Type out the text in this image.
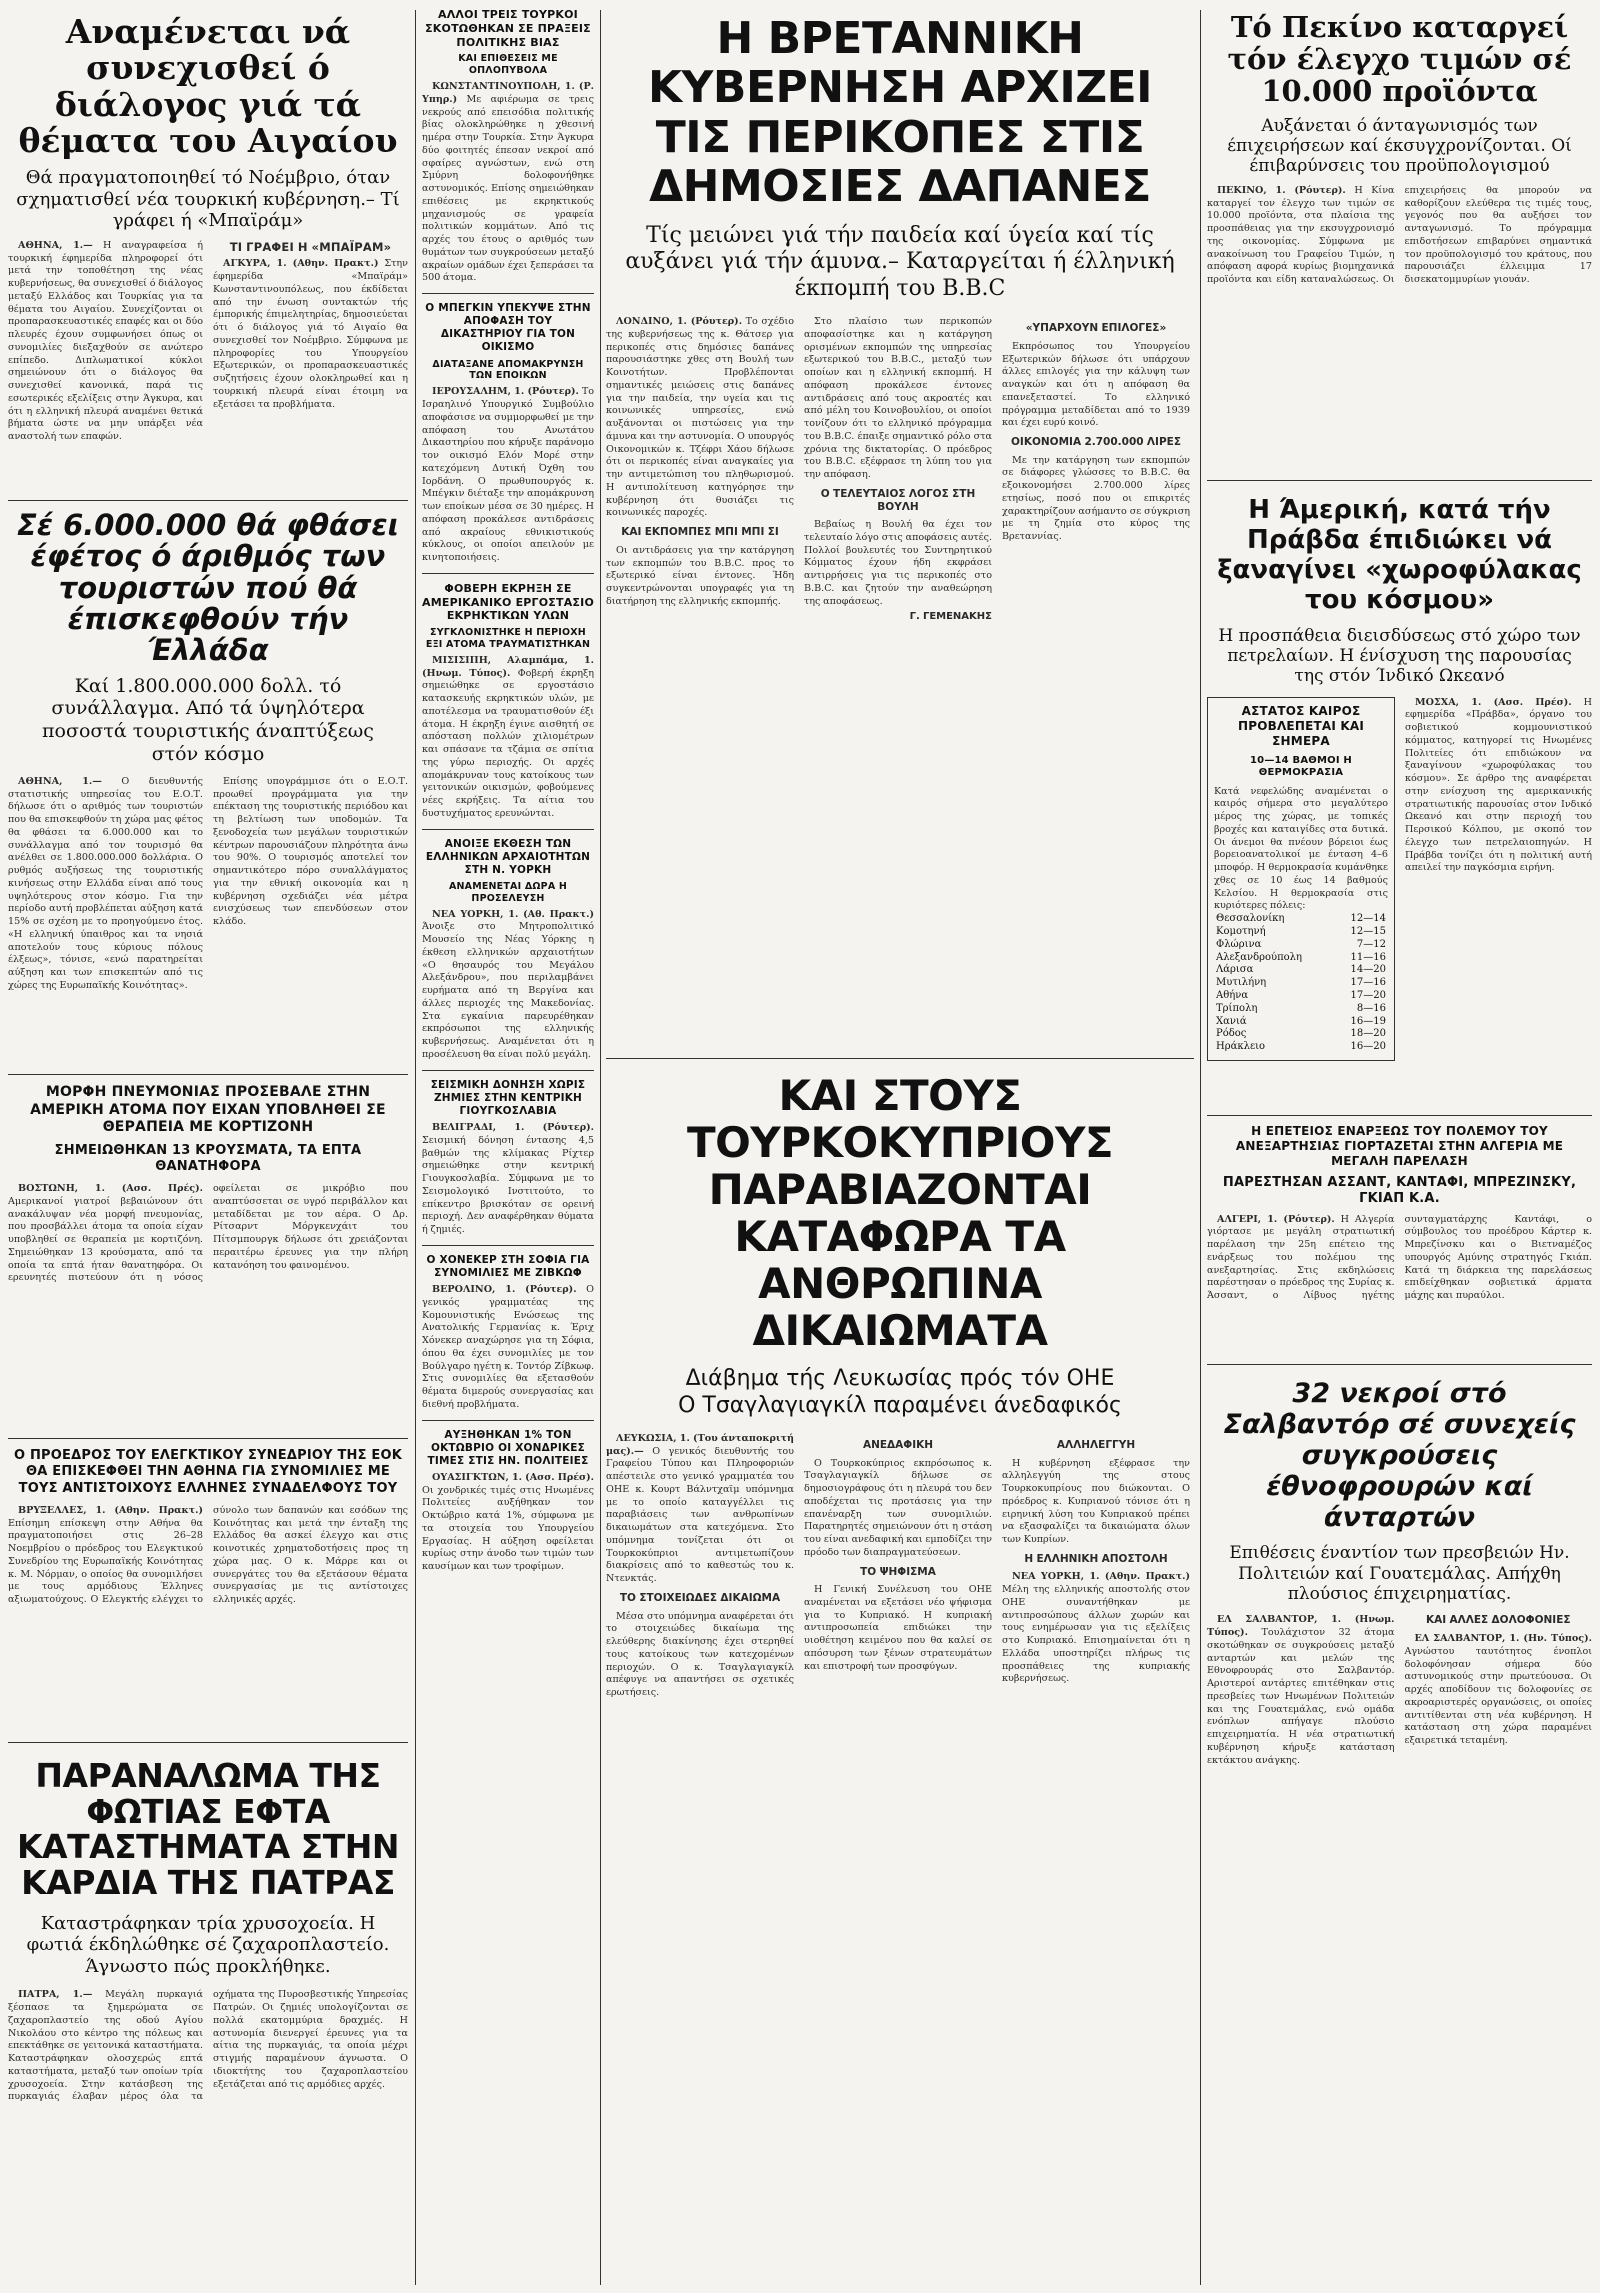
Αναμένεται νά συνεχισθεί ό διάλογος γιά τά θέματα του Αιγαίου
Θά πραγματοποιηθεί τό Νοέμβριο, όταν σχηματισθεί νέα τουρκική κυβέρνηση.– Τί γράφει ή «Μπαϊράμ»

ΑΘΗΝΑ, 1.— Η αναγραφείσα ή τουρκική έφημερίδα πληροφορεί ότι μετά την τοποθέτηση της νέας κυβερνήσεως, θα συνεχισθεί ό διάλογος μεταξύ Ελλάδος και Τουρκίας για τα θέματα του Αιγαίου. Συνεχίζονται οι προπαρασκευαστικές επαφές και οι δύο πλευρές έχουν συμφωνήσει όπως οι συνομιλίες διεξαχθούν σε ανώτερο επίπεδο. Διπλωματικοί κύκλοι σημειώνουν ότι ο διάλογος θα συνεχισθεί κανονικά, παρά τις εσωτερικές εξελίξεις στην Άγκυρα, και ότι η ελληνική πλευρά αναμένει θετικά βήματα ώστε να μην υπάρξει νέα αναστολή των επαφών.

ΤΙ ΓΡΑΦΕΙ Η «ΜΠΑΪΡΑΜ»

ΑΓΚΥΡΑ, 1. (Αθην. Πρακτ.) Στην έφημερίδα «Μπαϊράμ» Κωνσταντινουπόλεως, που έκδίδεται από την ένωση συντακτών τής έμπορικής έπιμελητηρίας, δημοσιεύεται ότι ό διάλογος γιά τό Αιγαίο θα συνεχισθεί τον Νοέμβριο. Σύμφωνα με πληροφορίες του Υπουργείου Εξωτερικών, οι προπαρασκευαστικές συζητήσεις έχουν ολοκληρωθεί και η τουρκική πλευρά είναι έτοιμη να εξετάσει τα προβλήματα.

Σέ 6.000.000 θά φθάσει έφέτος ό άριθμός των τουριστών πού θά έπισκεφθούν τήν Έλλάδα
Καί 1.800.000.000 δολλ. τό συνάλλαγμα. Από τά ύψηλότερα ποσοστά τουριστικής άναπτύξεως στόν κόσμο

ΑΘΗΝΑ, 1.— Ο διευθυντής στατιστικής υπηρεσίας του Ε.Ο.Τ. δήλωσε ότι ο αριθμός των τουριστών που θα επισκεφθούν τη χώρα μας φέτος θα φθάσει τα 6.000.000 και το συνάλλαγμα από τον τουρισμό θα ανέλθει σε 1.800.000.000 δολλάρια. Ο ρυθμός αυξήσεως της τουριστικής κινήσεως στην Ελλάδα είναι από τους υψηλότερους στον κόσμο. Για την περίοδο αυτή προβλέπεται αύξηση κατά 15% σε σχέση με το προηγούμενο έτος. «Η ελληνική ύπαιθρος και τα νησιά αποτελούν τους κύριους πόλους έλξεως», τόνισε, «ενώ παρατηρείται αύξηση και των επισκεπτών από τις χώρες της Ευρωπαϊκής Κοινότητας».

Επίσης υπογράμμισε ότι ο Ε.Ο.Τ. προωθεί προγράμματα για την επέκταση της τουριστικής περιόδου και τη βελτίωση των υποδομών. Τα ξενοδοχεία των μεγάλων τουριστικών κέντρων παρουσιάζουν πληρότητα άνω του 90%. Ο τουρισμός αποτελεί τον σημαντικότερο πόρο συναλλάγματος για την εθνική οικονομία και η κυβέρνηση σχεδιάζει νέα μέτρα ενισχύσεως των επενδύσεων στον κλάδο.

ΜΟΡΦΗ ΠΝΕΥΜΟΝΙΑΣ ΠΡΟΣΕΒΑΛΕ ΣΤΗΝ ΑΜΕΡΙΚΗ ΑΤΟΜΑ ΠΟΥ ΕΙΧΑΝ ΥΠΟΒΛΗΘΕΙ ΣΕ ΘΕΡΑΠΕΙΑ ΜΕ ΚΟΡΤΙΖΟΝΗ
ΣΗΜΕΙΩΘΗΚΑΝ 13 ΚΡΟΥΣΜΑΤΑ, ΤΑ ΕΠΤΑ ΘΑΝΑΤΗΦΟΡΑ

ΒΟΣΤΩΝΗ, 1. (Ασσ. Πρές). Αμερικανοί γιατροί βεβαιώνουν ότι ανακάλυψαν νέα μορφή πνευμονίας, που προσβάλλει άτομα τα οποία είχαν υποβληθεί σε θεραπεία με κορτιζόνη. Σημειώθηκαν 13 κρούσματα, από τα οποία τα επτά ήταν θανατηφόρα. Οι ερευνητές πιστεύουν ότι η νόσος οφείλεται σε μικρόβιο που αναπτύσσεται σε υγρό περιβάλλον και μεταδίδεται με τον αέρα. Ο Δρ. Ρίτσαρντ Μόργκενχάιτ του Πίτσμπουργκ δήλωσε ότι χρειάζονται περαιτέρω έρευνες για την πλήρη κατανόηση του φαινομένου.

Ο ΠΡΟΕΔΡΟΣ ΤΟΥ ΕΛΕΓΚΤΙΚΟΥ ΣΥΝΕΔΡΙΟΥ ΤΗΣ ΕΟΚ ΘΑ ΕΠΙΣΚΕΦΘΕΙ ΤΗΝ ΑΘΗΝΑ ΓΙΑ ΣΥΝΟΜΙΛΙΕΣ ΜΕ ΤΟΥΣ ΑΝΤΙΣΤΟΙΧΟΥΣ ΕΛΛΗΝΕΣ ΣΥΝΑΔΕΛΦΟΥΣ ΤΟΥ

ΒΡΥΞΕΛΛΕΣ, 1. (Αθην. Πρακτ.) Επίσημη επίσκεψη στην Αθήνα θα πραγματοποιήσει στις 26–28 Νοεμβρίου ο πρόεδρος του Ελεγκτικού Συνεδρίου της Ευρωπαϊκής Κοινότητας κ. Μ. Νόρμαν, ο οποίος θα συνομιλήσει με τους αρμόδιους Έλληνες αξιωματούχους. Ο Ελεγκτής ελέγχει το σύνολο των δαπανών και εσόδων της Κοινότητας και μετά την ένταξη της Ελλάδος θα ασκεί έλεγχο και στις κοινοτικές χρηματοδοτήσεις προς τη χώρα μας. Ο κ. Μάρρε και οι συνεργάτες του θα εξετάσουν θέματα συνεργασίας με τις αντίστοιχες ελληνικές αρχές.

ΠΑΡΑΝΑΛΩΜΑ ΤΗΣ ΦΩΤΙΑΣ ΕΦΤΑ ΚΑΤΑΣΤΗΜΑΤΑ ΣΤΗΝ ΚΑΡΔΙΑ ΤΗΣ ΠΑΤΡΑΣ
Καταστράφηκαν τρία χρυσοχοεία. Η φωτιά έκδηλώθηκε σέ ζαχαροπλαστείο. Άγνωστο πώς προκλήθηκε.

ΠΑΤΡΑ, 1.— Μεγάλη πυρκαγιά ξέσπασε τα ξημερώματα σε ζαχαροπλαστείο της οδού Αγίου Νικολάου στο κέντρο της πόλεως και επεκτάθηκε σε γειτονικά καταστήματα. Καταστράφηκαν ολοσχερώς επτά καταστήματα, μεταξύ των οποίων τρία χρυσοχοεία. Στην κατάσβεση της πυρκαγιάς έλαβαν μέρος όλα τα οχήματα της Πυροσβεστικής Υπηρεσίας Πατρών. Οι ζημιές υπολογίζονται σε πολλά εκατομμύρια δραχμές. Η αστυνομία διενεργεί έρευνες για τα αίτια της πυρκαγιάς, τα οποία μέχρι στιγμής παραμένουν άγνωστα. Ο ιδιοκτήτης του ζαχαροπλαστείου εξετάζεται από τις αρμόδιες αρχές.

ΑΛΛΟΙ ΤΡΕΙΣ ΤΟΥΡΚΟΙ ΣΚΟΤΩΘΗΚΑΝ ΣΕ ΠΡΑΞΕΙΣ ΠΟΛΙΤΙΚΗΣ ΒΙΑΣ
ΚΑΙ ΕΠΙΘΕΣΕΙΣ ΜΕ ΟΠΛΟΠΥΒΟΛΑ

ΚΩΝΣΤΑΝΤΙΝΟΥΠΟΛΗ, 1. (Ρ. Υπηρ.) Με αφιέρωμα σε τρεις νεκρούς από επεισόδια πολιτικής βίας ολοκληρώθηκε η χθεσινή ημέρα στην Τουρκία. Στην Άγκυρα δύο φοιτητές έπεσαν νεκροί από σφαίρες αγνώστων, ενώ στη Σμύρνη δολοφονήθηκε αστυνομικός. Επίσης σημειώθηκαν επιθέσεις με εκρηκτικούς μηχανισμούς σε γραφεία πολιτικών κομμάτων. Από τις αρχές του έτους ο αριθμός των θυμάτων των συγκρούσεων μεταξύ ακραίων ομάδων έχει ξεπεράσει τα 500 άτομα.

Ο ΜΠΕΓΚΙΝ ΥΠΕΚΥΨΕ ΣΤΗΝ ΑΠΟΦΑΣΗ ΤΟΥ ΔΙΚΑΣΤΗΡΙΟΥ ΓΙΑ ΤΟΝ ΟΙΚΙΣΜΟ
ΔΙΑΤΑΞΑΝΕ ΑΠΟΜΑΚΡΥΝΣΗ ΤΩΝ ΕΠΟΙΚΩΝ

ΙΕΡΟΥΣΑΛΗΜ, 1. (Ρόυτερ). Το Ισραηλινό Υπουργικό Συμβούλιο αποφάσισε να συμμορφωθεί με την απόφαση του Ανωτάτου Δικαστηρίου που κήρυξε παράνομο τον οικισμό Ελόν Μορέ στην κατεχόμενη Δυτική Όχθη του Ιορδάνη. Ο πρωθυπουργός κ. Μπέγκιν διέταξε την απομάκρυνση των εποίκων μέσα σε 30 ημέρες. Η απόφαση προκάλεσε αντιδράσεις από ακραίους εθνικιστικούς κύκλους, οι οποίοι απειλούν με κινητοποιήσεις.

ΦΟΒΕΡΗ ΕΚΡΗΞΗ ΣΕ ΑΜΕΡΙΚΑΝΙΚΟ ΕΡΓΟΣΤΑΣΙΟ ΕΚΡΗΚΤΙΚΩΝ ΥΛΩΝ
ΣΥΓΚΛΟΝΙΣΤΗΚΕ Η ΠΕΡΙΟΧΗ ΕΞΙ ΑΤΟΜΑ ΤΡΑΥΜΑΤΙΣΤΗΚΑΝ

ΜΙΣΙΣΙΠΗ, Αλαμπάμα, 1. (Ηνωμ. Τύπος). Φοβερή έκρηξη σημειώθηκε σε εργοστάσιο κατασκευής εκρηκτικών υλών, με αποτέλεσμα να τραυματισθούν έξι άτομα. Η έκρηξη έγινε αισθητή σε απόσταση πολλών χιλιομέτρων και σπάσανε τα τζάμια σε σπίτια της γύρω περιοχής. Οι αρχές απομάκρυναν τους κατοίκους των γειτονικών οικισμών, φοβούμενες νέες εκρήξεις. Τα αίτια του δυστυχήματος ερευνώνται.

ΑΝΟΙΞΕ ΕΚΘΕΣΗ ΤΩΝ ΕΛΛΗΝΙΚΩΝ ΑΡΧΑΙΟΤΗΤΩΝ ΣΤΗ Ν. ΥΟΡΚΗ
ΑΝΑΜΕΝΕΤΑΙ ΔΩΡΑ Η ΠΡΟΣΕΛΕΥΣΗ

ΝΕΑ ΥΟΡΚΗ, 1. (Αθ. Πρακτ.) Άνοιξε στο Μητροπολιτικό Μουσείο της Νέας Υόρκης η έκθεση ελληνικών αρχαιοτήτων «Ο θησαυρός του Μεγάλου Αλεξάνδρου», που περιλαμβάνει ευρήματα από τη Βεργίνα και άλλες περιοχές της Μακεδονίας. Στα εγκαίνια παρευρέθηκαν εκπρόσωποι της ελληνικής κυβερνήσεως. Αναμένεται ότι η προσέλευση θα είναι πολύ μεγάλη.

ΣΕΙΣΜΙΚΗ ΔΟΝΗΣΗ ΧΩΡΙΣ ΖΗΜΙΕΣ ΣΤΗΝ ΚΕΝΤΡΙΚΗ ΓΙΟΥΓΚΟΣΛΑΒΙΑ

ΒΕΛΙΓΡΑΔΙ, 1. (Ρόυτερ). Σεισμική δόνηση έντασης 4,5 βαθμών της κλίμακας Ρίχτερ σημειώθηκε στην κεντρική Γιουγκοσλαβία. Σύμφωνα με το Σεισμολογικό Ινστιτούτο, το επίκεντρο βρισκόταν σε ορεινή περιοχή. Δεν αναφέρθηκαν θύματα ή ζημιές.

Ο ΧΟΝΕΚΕΡ ΣΤΗ ΣΟΦΙΑ ΓΙΑ ΣΥΝΟΜΙΛΙΕΣ ΜΕ ΖΙΒΚΩΦ

ΒΕΡΟΛΙΝΟ, 1. (Ρόυτερ). Ο γενικός γραμματέας της Κομουνιστικής Ενώσεως της Ανατολικής Γερμανίας κ. Έριχ Χόνεκερ αναχώρησε για τη Σόφια, όπου θα έχει συνομιλίες με τον Βούλγαρο ηγέτη κ. Τοντόρ Ζίβκωφ. Στις συνομιλίες θα εξετασθούν θέματα διμερούς συνεργασίας και διεθνή προβλήματα.

ΑΥΞΗΘΗΚΑΝ 1% ΤΟΝ ΟΚΤΩΒΡΙΟ ΟΙ ΧΟΝΔΡΙΚΕΣ ΤΙΜΕΣ ΣΤΙΣ ΗΝ. ΠΟΛΙΤΕΙΕΣ

ΟΥΑΣΙΓΚΤΩΝ, 1. (Ασσ. Πρέσ). Οι χονδρικές τιμές στις Ηνωμένες Πολιτείες αυξήθηκαν τον Οκτώβριο κατά 1%, σύμφωνα με τα στοιχεία του Υπουργείου Εργασίας. Η αύξηση οφείλεται κυρίως στην άνοδο των τιμών των καυσίμων και των τροφίμων.

Η ΒΡΕΤΑΝΝΙΚΗ ΚΥΒΕΡΝΗΣΗ ΑΡΧΙΖΕΙ ΤΙΣ ΠΕΡΙΚΟΠΕΣ ΣΤΙΣ ΔΗΜΟΣΙΕΣ ΔΑΠΑΝΕΣ
Τίς μειώνει γιά τήν παιδεία καί ύγεία καί τίς αυξάνει γιά τήν άμυνα.– Καταργείται ή έλληνική έκπομπή του B.B.C

ΛΟΝΔΙΝΟ, 1. (Ρόυτερ). Το σχέδιο της κυβερνήσεως της κ. Θάτσερ για περικοπές στις δημόσιες δαπάνες παρουσιάστηκε χθες στη Βουλή των Κοινοτήτων. Προβλέπονται σημαντικές μειώσεις στις δαπάνες για την παιδεία, την υγεία και τις κοινωνικές υπηρεσίες, ενώ αυξάνονται οι πιστώσεις για την άμυνα και την αστυνομία. Ο υπουργός Οικονομικών κ. Τζέφρι Χάου δήλωσε ότι οι περικοπές είναι αναγκαίες για την αντιμετώπιση του πληθωρισμού. Η αντιπολίτευση κατηγόρησε την κυβέρνηση ότι θυσιάζει τις κοινωνικές παροχές.

ΚΑΙ ΕΚΠΟΜΠΕΣ ΜΠΙ ΜΠΙ ΣΙ

Οι αντιδράσεις για την κατάργηση των εκπομπών του B.B.C. προς το εξωτερικό είναι έντονες. Ήδη συγκεντρώνονται υπογραφές για τη διατήρηση της ελληνικής εκπομπής.

Στο πλαίσιο των περικοπών αποφασίστηκε και η κατάργηση ορισμένων εκπομπών της υπηρεσίας εξωτερικού του B.B.C., μεταξύ των οποίων και η ελληνική εκπομπή. Η απόφαση προκάλεσε έντονες αντιδράσεις από τους ακροατές και από μέλη του Κοινοβουλίου, οι οποίοι τονίζουν ότι το ελληνικό πρόγραμμα του B.B.C. έπαιξε σημαντικό ρόλο στα χρόνια της δικτατορίας. Ο πρόεδρος του B.B.C. εξέφρασε τη λύπη του για την απόφαση.

Ο ΤΕΛΕΥΤΑΙΟΣ ΛΟΓΟΣ ΣΤΗ ΒΟΥΛΗ

Βεβαίως η Βουλή θα έχει τον τελευταίο λόγο στις αποφάσεις αυτές. Πολλοί βουλευτές του Συντηρητικού Κόμματος έχουν ήδη εκφράσει αντιρρήσεις για τις περικοπές στο B.B.C. και ζητούν την αναθεώρηση της αποφάσεως.

Γ. ΓΕΜΕΝΑΚΗΣ
«ΥΠΑΡΧΟΥΝ ΕΠΙΛΟΓΕΣ»

Εκπρόσωπος του Υπουργείου Εξωτερικών δήλωσε ότι υπάρχουν άλλες επιλογές για την κάλυψη των αναγκών και ότι η απόφαση θα επανεξεταστεί. Το ελληνικό πρόγραμμα μεταδίδεται από το 1939 και έχει ευρύ κοινό.

ΟΙΚΟΝΟΜΙΑ 2.700.000 ΛΙΡΕΣ

Με την κατάργηση των εκπομπών σε διάφορες γλώσσες το B.B.C. θα εξοικονομήσει 2.700.000 λίρες ετησίως, ποσό που οι επικριτές χαρακτηρίζουν ασήμαντο σε σύγκριση με τη ζημία στο κύρος της Βρεταννίας.

ΚΑΙ ΣΤΟΥΣ ΤΟΥΡΚΟΚΥΠΡΙΟΥΣ ΠΑΡΑΒΙΑΖΟΝΤΑΙ ΚΑΤΑΦΩΡΑ ΤΑ ΑΝΘΡΩΠΙΝΑ ΔΙΚΑΙΩΜΑΤΑ
Διάβημα τής Λευκωσίας πρός τόν ΟΗΕ
Ο Τσαγλαγιαγκίλ παραμένει άνεδαφικός

ΛΕΥΚΩΣΙΑ, 1. (Του άνταποκριτή μας).— Ο γενικός διευθυντής του Γραφείου Τύπου και Πληροφοριών απέστειλε στο γενικό γραμματέα του ΟΗΕ κ. Κουρτ Βάλντχαϊμ υπόμνημα με το οποίο καταγγέλλει τις παραβιάσεις των ανθρωπίνων δικαιωμάτων στα κατεχόμενα. Στο υπόμνημα τονίζεται ότι οι Τουρκοκύπριοι αντιμετωπίζουν διακρίσεις από το καθεστώς του κ. Ντενκτάς.

ΤΟ ΣΤΟΙΧΕΙΩΔΕΣ ΔΙΚΑΙΩΜΑ

Μέσα στο υπόμνημα αναφέρεται ότι το στοιχειώδες δικαίωμα της ελεύθερης διακίνησης έχει στερηθεί τους κατοίκους των κατεχομένων περιοχών. Ο κ. Τσαγλαγιαγκίλ απέφυγε να απαντήσει σε σχετικές ερωτήσεις.

ΑΝΕΔΑΦΙΚΗ

Ο Τουρκοκύπριος εκπρόσωπος κ. Τσαγλαγιαγκίλ δήλωσε σε δημοσιογράφους ότι η πλευρά του δεν αποδέχεται τις προτάσεις για την επανέναρξη των συνομιλιών. Παρατηρητές σημειώνουν ότι η στάση του είναι ανεδαφική και εμποδίζει την πρόοδο των διαπραγματεύσεων.

ΤΟ ΨΗΦΙΣΜΑ

Η Γενική Συνέλευση του ΟΗΕ αναμένεται να εξετάσει νέο ψήφισμα για το Κυπριακό. Η κυπριακή αντιπροσωπεία επιδιώκει την υιοθέτηση κειμένου που θα καλεί σε απόσυρση των ξένων στρατευμάτων και επιστροφή των προσφύγων.

ΑΛΛΗΛΕΓΓΥΗ

Η κυβέρνηση εξέφρασε την αλληλεγγύη της στους Τουρκοκυπρίους που διώκονται. Ο πρόεδρος κ. Κυπριανού τόνισε ότι η ειρηνική λύση του Κυπριακού πρέπει να εξασφαλίζει τα δικαιώματα όλων των Κυπρίων.

Η ΕΛΛΗΝΙΚΗ ΑΠΟΣΤΟΛΗ

ΝΕΑ ΥΟΡΚΗ, 1. (Αθην. Πρακτ.) Μέλη της ελληνικής αποστολής στον ΟΗΕ συναντήθηκαν με αντιπροσώπους άλλων χωρών και τους ενημέρωσαν για τις εξελίξεις στο Κυπριακό. Επισημαίνεται ότι η Ελλάδα υποστηρίζει πλήρως τις προσπάθειες της κυπριακής κυβερνήσεως.

Τό Πεκίνο καταργεί τόν έλεγχο τιμών σέ 10.000 προϊόντα
Αυξάνεται ό άνταγωνισμός των έπιχειρήσεων καί έκσυγχρονίζονται. Οί έπιβαρύνσεις του προϋπολογισμού

ΠΕΚΙΝΟ, 1. (Ρόυτερ). Η Κίνα καταργεί τον έλεγχο των τιμών σε 10.000 προϊόντα, στα πλαίσια της προσπάθειας για την εκσυγχρονισμό της οικονομίας. Σύμφωνα με ανακοίνωση του Γραφείου Τιμών, η απόφαση αφορά κυρίως βιομηχανικά προϊόντα και είδη καταναλώσεως. Οι επιχειρήσεις θα μπορούν να καθορίζουν ελεύθερα τις τιμές τους, γεγονός που θα αυξήσει τον ανταγωνισμό. Το πρόγραμμα επιδοτήσεων επιβαρύνει σημαντικά τον προϋπολογισμό του κράτους, που παρουσιάζει έλλειμμα 17 δισεκατομμυρίων γιουάν.

Η Άμερική, κατά τήν Πράβδα έπιδιώκει νά ξαναγίνει «χωροφύλακας του κόσμου»
Η προσπάθεια διεισδύσεως στό χώρο των πετρελαίων. Η ένίσχυση της παρουσίας της στόν Ίνδικό Ωκεανό
ΑΣΤΑΤΟΣ ΚΑΙΡΟΣ
ΠΡΟΒΛΕΠΕΤΑΙ ΚΑΙ ΣΗΜΕΡΑ
10—14 ΒΑΘΜΟΙ Η ΘΕΡΜΟΚΡΑΣΙΑ
Κατά νεφελώδης αναμένεται ο καιρός σήμερα στο μεγαλύτερο μέρος της χώρας, με τοπικές βροχές και καταιγίδες στα δυτικά. Οι άνεμοι θα πνέουν βόρειοι έως βορειοανατολικοί με ένταση 4–6 μποφόρ. Η θερμοκρασία κυμάνθηκε χθες σε 10 έως 14 βαθμούς Κελσίου. Η θερμοκρασία στις κυριότερες πόλεις:
Θεσσαλονίκη	12—14
Κομοτηνή	12—15
Φλώρινα	7—12
Αλεξανδρούπολη	11—16
Λάρισα	14—20
Μυτιλήνη	17—16
Αθήνα	17—20
Τρίπολη	8—16
Χανιά	16—19
Ρόδος	18—20
Ηράκλειο	16—20

ΜΟΣΧΑ, 1. (Ασσ. Πρέσ). Η εφημερίδα «Πράβδα», όργανο του σοβιετικού κομμουνιστικού κόμματος, κατηγορεί τις Ηνωμένες Πολιτείες ότι επιδιώκουν να ξαναγίνουν «χωροφύλακας του κόσμου». Σε άρθρο της αναφέρεται στην ενίσχυση της αμερικανικής στρατιωτικής παρουσίας στον Ινδικό Ωκεανό και στην περιοχή του Περσικού Κόλπου, με σκοπό τον έλεγχο των πετρελαιοπηγών. Η Πράβδα τονίζει ότι η πολιτική αυτή απειλεί την παγκόσμια ειρήνη.

Η ΕΠΕΤΕΙΟΣ ΕΝΑΡΞΕΩΣ ΤΟΥ ΠΟΛΕΜΟΥ ΤΟΥ ΑΝΕΞΑΡΤΗΣΙΑΣ ΓΙΟΡΤΑΖΕΤΑΙ ΣΤΗΝ ΑΛΓΕΡΙΑ ΜΕ ΜΕΓΑΛΗ ΠΑΡΕΛΑΣΗ
ΠΑΡΕΣΤΗΣΑΝ ΑΣΣΑΝΤ, ΚΑΝΤΑΦΙ, ΜΠΡΕΖΙΝΣΚΥ, ΓΚΙΑΠ Κ.Α.

ΑΛΓΕΡΙ, 1. (Ρόυτερ). Η Αλγερία γιόρτασε με μεγάλη στρατιωτική παρέλαση την 25η επέτειο της ενάρξεως του πολέμου της ανεξαρτησίας. Στις εκδηλώσεις παρέστησαν ο πρόεδρος της Συρίας κ. Άσσαντ, ο Λίβυος ηγέτης συνταγματάρχης Καντάφι, ο σύμβουλος του προέδρου Κάρτερ κ. Μπρεζίνσκυ και ο Βιετναμέζος υπουργός Αμύνης στρατηγός Γκιάπ. Κατά τη διάρκεια της παρελάσεως επιδείχθηκαν σοβιετικά άρματα μάχης και πυραύλοι.

32 νεκροί στό Σαλβαντόρ σέ συνεχείς συγκρούσεις έθνοφρουρών καί άνταρτών
Επιθέσεις έναντίον των πρεσβειών Ην. Πολιτειών καί Γουατεμάλας. Απήχθη πλούσιος έπιχειρηματίας.

ΕΛ ΣΑΛΒΑΝΤΟΡ, 1. (Ηνωμ. Τύπος). Τουλάχιστον 32 άτομα σκοτώθηκαν σε συγκρούσεις μεταξύ ανταρτών και μελών της Εθνοφρουράς στο Σαλβαντόρ. Αριστεροί αντάρτες επιτέθηκαν στις πρεσβείες των Ηνωμένων Πολιτειών και της Γουατεμάλας, ενώ ομάδα ενόπλων απήγαγε πλούσιο επιχειρηματία. Η νέα στρατιωτική κυβέρνηση κήρυξε κατάσταση εκτάκτου ανάγκης.

ΚΑΙ ΑΛΛΕΣ ΔΟΛΟΦΟΝΙΕΣ

ΕΛ ΣΑΛΒΑΝΤΟΡ, 1. (Ην. Τύπος). Αγνώστου ταυτότητος ένοπλοι δολοφόνησαν σήμερα δύο αστυνομικούς στην πρωτεύουσα. Οι αρχές αποδίδουν τις δολοφονίες σε ακροαριστερές οργανώσεις, οι οποίες αντιτίθενται στη νέα κυβέρνηση. Η κατάσταση στη χώρα παραμένει εξαιρετικά τεταμένη.
